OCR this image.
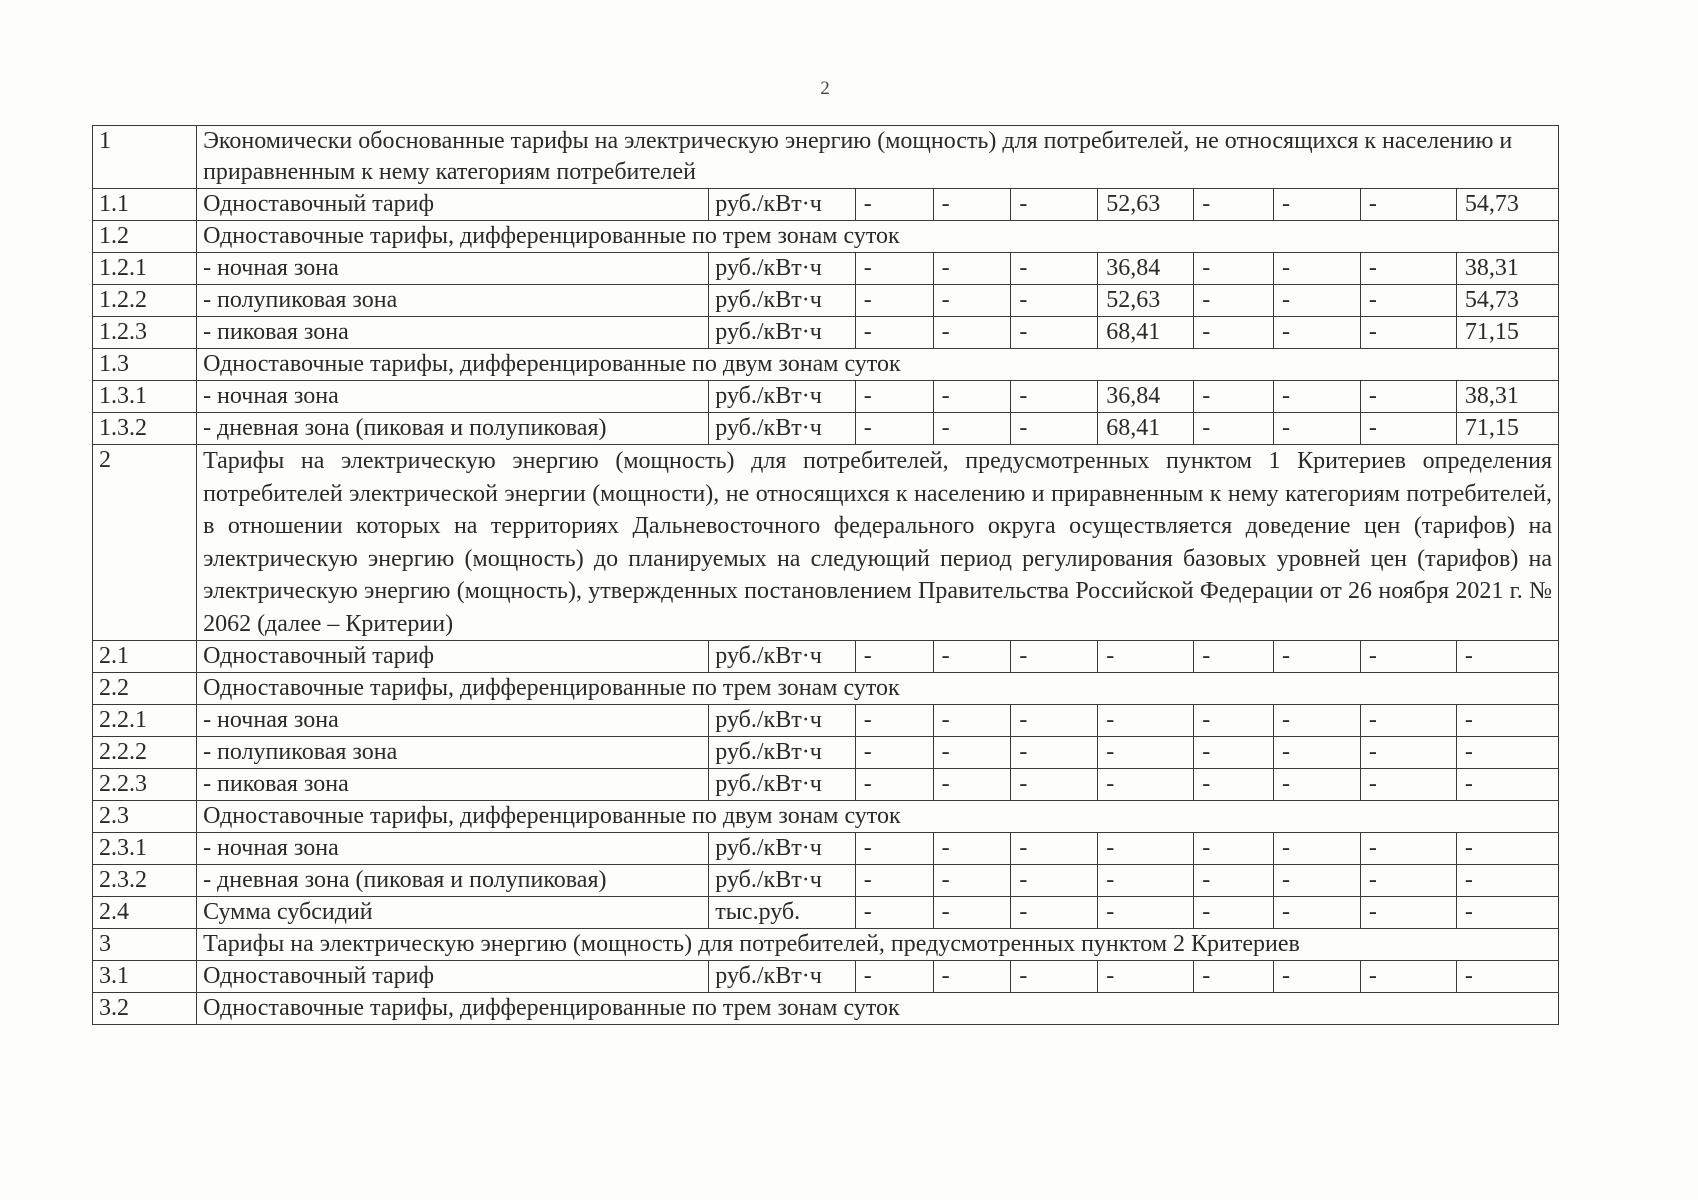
2
1	Экономически обоснованные тарифы на электрическую энергию (мощность) для потребителей, не относящихся к населению и приравненным к нему категориям потребителей									
1.1	Одноставочный тариф	руб./кВт·ч	-	-	-	52,63	-	-	-	54,73
1.2	Одноставочные тарифы, дифференцированные по трем зонам суток									
1.2.1	- ночная зона	руб./кВт·ч	-	-	-	36,84	-	-	-	38,31
1.2.2	- полупиковая зона	руб./кВт·ч	-	-	-	52,63	-	-	-	54,73
1.2.3	- пиковая зона	руб./кВт·ч	-	-	-	68,41	-	-	-	71,15
1.3	Одноставочные тарифы, дифференцированные по двум зонам суток									
1.3.1	- ночная зона	руб./кВт·ч	-	-	-	36,84	-	-	-	38,31
1.3.2	- дневная зона (пиковая и полупиковая)	руб./кВт·ч	-	-	-	68,41	-	-	-	71,15
2	Тарифы на электрическую энергию (мощность) для потребителей, предусмотренных пунктом 1 Критериев определения потребителей электрической энергии (мощности), не относящихся к населению и приравненным к нему категориям потребителей, в отношении которых на территориях Дальневосточного федерального округа осуществляется доведение цен (тарифов) на электрическую энергию (мощность) до планируемых на следующий период регулирования базовых уровней цен (тарифов) на электрическую энергию (мощность), утвержденных постановлением Правительства Российской Федерации от 26 ноября 2021 г. № 2062 (далее – Критерии)									
2.1	Одноставочный тариф	руб./кВт·ч	-	-	-	-	-	-	-	-
2.2	Одноставочные тарифы, дифференцированные по трем зонам суток									
2.2.1	- ночная зона	руб./кВт·ч	-	-	-	-	-	-	-	-
2.2.2	- полупиковая зона	руб./кВт·ч	-	-	-	-	-	-	-	-
2.2.3	- пиковая зона	руб./кВт·ч	-	-	-	-	-	-	-	-
2.3	Одноставочные тарифы, дифференцированные по двум зонам суток									
2.3.1	- ночная зона	руб./кВт·ч	-	-	-	-	-	-	-	-
2.3.2	- дневная зона (пиковая и полупиковая)	руб./кВт·ч	-	-	-	-	-	-	-	-
2.4	Сумма субсидий	тыс.руб.	-	-	-	-	-	-	-	-
3	Тарифы на электрическую энергию (мощность) для потребителей, предусмотренных пунктом 2 Критериев									
3.1	Одноставочный тариф	руб./кВт·ч	-	-	-	-	-	-	-	-
3.2	Одноставочные тарифы, дифференцированные по трем зонам суток									
